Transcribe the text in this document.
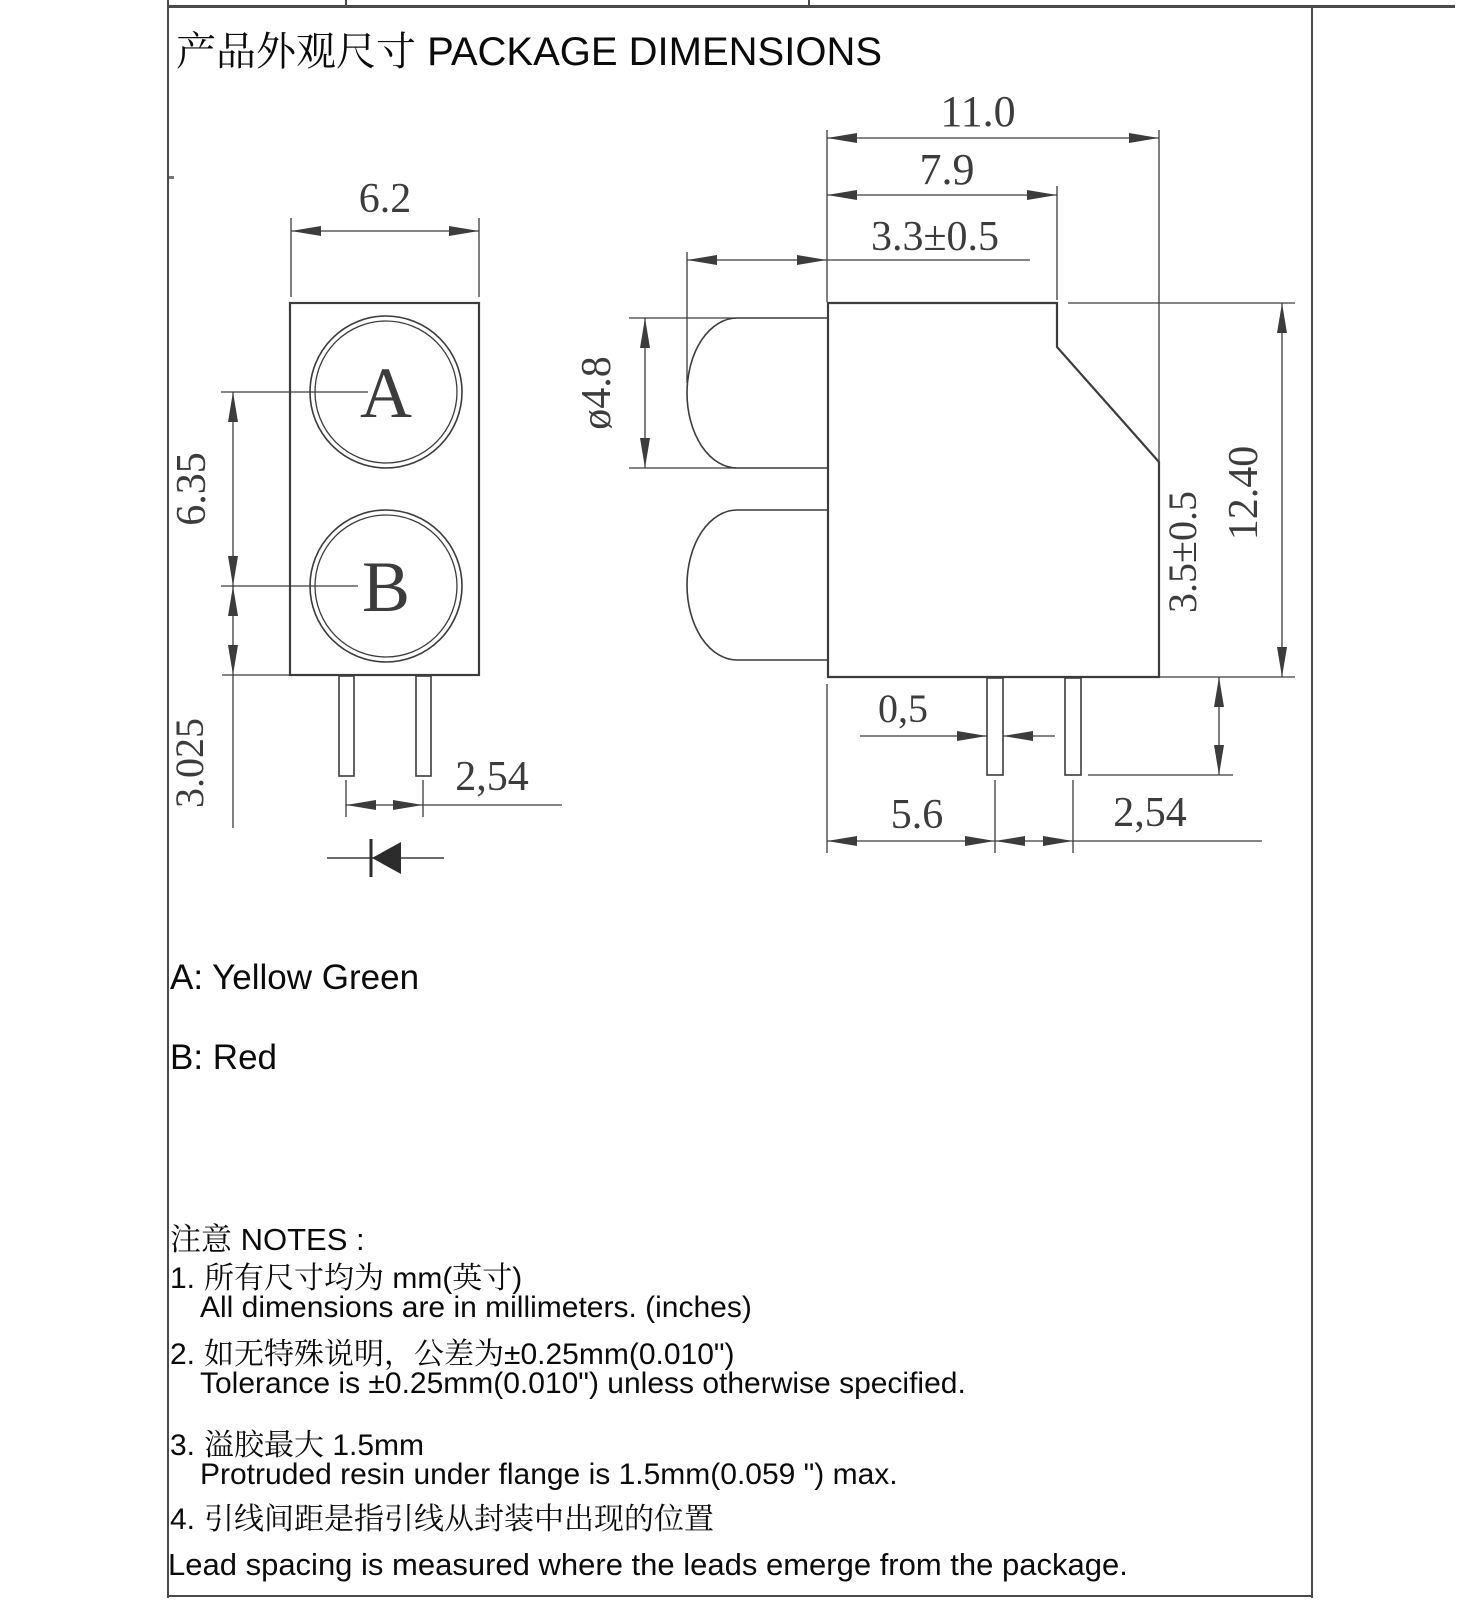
产品外观尺寸 PACKAGE DIMENSIONS
A
B
6.2
6.35
3.025	2,54
11.0
7.9
3.3±0.5
ø4.8
12.40
3.5±0.5
0,5
5.6	2,54
A: Yellow Green
B: Red
注意 NOTES :
1. 所有尺寸均为 mm(英寸)
All dimensions are in millimeters. (inches)
2. 如无特殊说明，公差为±0.25mm(0.010")
Tolerance is ±0.25mm(0.010") unless otherwise specified.
3. 溢胶最大 1.5mm
Protruded resin under flange is 1.5mm(0.059 ") max.
4. 引线间距是指引线从封装中出现的位置
Lead spacing is measured where the leads emerge from the package.
